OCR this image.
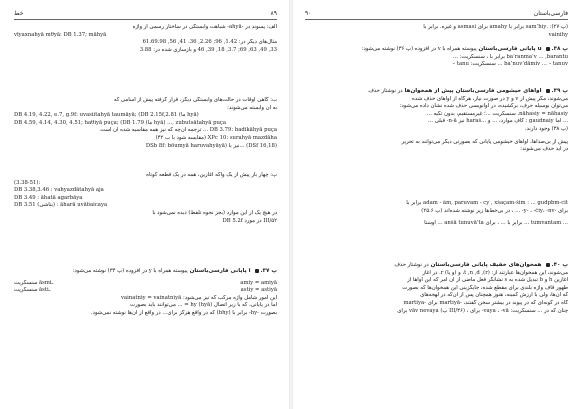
خط	۸۹
الف: پسوند در -ahyā- شباهت وابستگی در ساختار رسمی از واژه
vīyaxnahyā mθyā: DB 1.37; māhyā
مثال‌های دیگر در: 1.42, 96; 2.26, 36. 41, 56, 61.69.98
33, 49, 63, 69; 3.7, 18, 39, 46 و بازسازی شده در: 3.88
ب: گاهی اوقات در حالت‌های وابستگی دیگر، قرار گرفته پیش از اسامی که
به آن وابسته می‌شوند:
DB 4.19, 4.22, e.7, g.9f: uvasiitahyā taumāyā; (DB 2.15f,2.81 (ما hyā)
DB 4.59, 4.14, 4.30, 4.51; haθiyā puça; (DB 1.79 (ما hyā) ..., zubutsātahyā puça
DB 3.79: badikāhyā puça ... ترجمه آن‌چه که نیز همه مقاسیه شده آن است
XPc 10: surahyā mazdāha (مقایسه شود با ب ۴۲)
(DSf 16,18) ...نیز با (DSb 8f: böumyā haruvahyāyā
پ: چهار بار پیش از یک واکه آغازین، همه در یک قطعه کوتاه
(3.38-51):
DB 3.38,3.46 : vahyazdātahyā aja
DB 3.49 : āhatā agarbāya
DB 3.51 (بتا‌شی) : āharā uvāδaicaya
در هیچ یک از این موارد (بجز نحوه تلفظ) دیده نمی‌شود با
۵۲/III در مورد DB 5.2f
پ ۳۷.  i پایانی فارسی‌باستان پیوسته همراه با y در افزوده (پ ۳۴) نوشته می‌شود:
amiy = amiyā
ـāsmi سنسکریت
astiy = astiyā
ـāsti سنسکریت
این امور شامل واژه مرکب که نیز می‌شود: vainatniy = vainatniyā
اما در پایانی، که با زیر اتصال (hyā) hy = ... می‌توانند باید بصورت
بصورت -hy- برابر با (bhy) که در واقع هرگز برای... در واقع از آن‌ها نوشته نمی‌شود.
۹۰	فارسی‌باستان
(پ ۲۷): .sam’hiy برابر با amahy برای asmasi و غیره. برابر با
vainihy
پ ۳۸.  u پایانی فارسی‌باستان پیوسته همراه با v در افزوده (پ ۳۶) نوشته می‌شود:
ba’ranma’v ... ,barantu برابر با ، سنسکریت: ...
ba’nuv’dāmiv ... – tanuv ... سنسکریت: tanu –
پ ۳۹.  آواهای خیشومی فارسی‌باستان پیش از همخوان‌ها در نوشتار حذف
می‌شوند، مگر پیش از v و y در صورت نیاز، هرگاه از آواهای حذف شده
می‌توان بوسیله حرف، برکشیده، در آوانویسی حذف شده نشان داده می‌شود:
nāhasiy = nāhasiy، سنسکریت ...؛ غیرمستقیم، بدون تکیه ...
... اما gaudnaiy : کاف موارد، ... و ...haraš نیز n-ā- قبلی ...
(پ ۳۸) وجود دارند.
پیش از بی‌صدا‌ها، آواهای خیشومی پایانی که بصورتی دیگر می‌توانند به تحریر
در آید حذف می‌شوند:
adam - âm, paruvam - cy , xšaçam-šim : ... gudpbm-cit برابر با
برای -y- ، -čiy، -nv- ... ، در بی‌خط‌ها زیر نوشته شده‌اند (پ ۲۵.۶)
... tumvantam ... برابر با ... ، برای anšā tunuvā’ta ... اوستا
پ ۴۰.  همخوان‌های خفیف پایانی فارسی‌باستان در نوشتار حذف
می‌شوند، این همخوان‌ها عبارتند از: t ,n ,d ,(r)، و (و یا) r. در آغاز
آغازین h و b تبدیل شده به s نشانگر فعل ماضی از آن امر که این آواها از
ظهور قاف واژه بلندی برای مقطع شده، جایگزینی این همخوان‌ها که بصورت
که آن‌ها، ولی با ارزش کمینه، هنوز همچنان پس از آن‌که در لهجه‌های
گاه در گونه‌ای که در پیوند در بیشتر سخن گفتند، -martiyā برای -martiya
چنان که در ... سنسکریت: vaya ، -vā- برای ، (III/۳۶ پ) vāv nevaya برای
